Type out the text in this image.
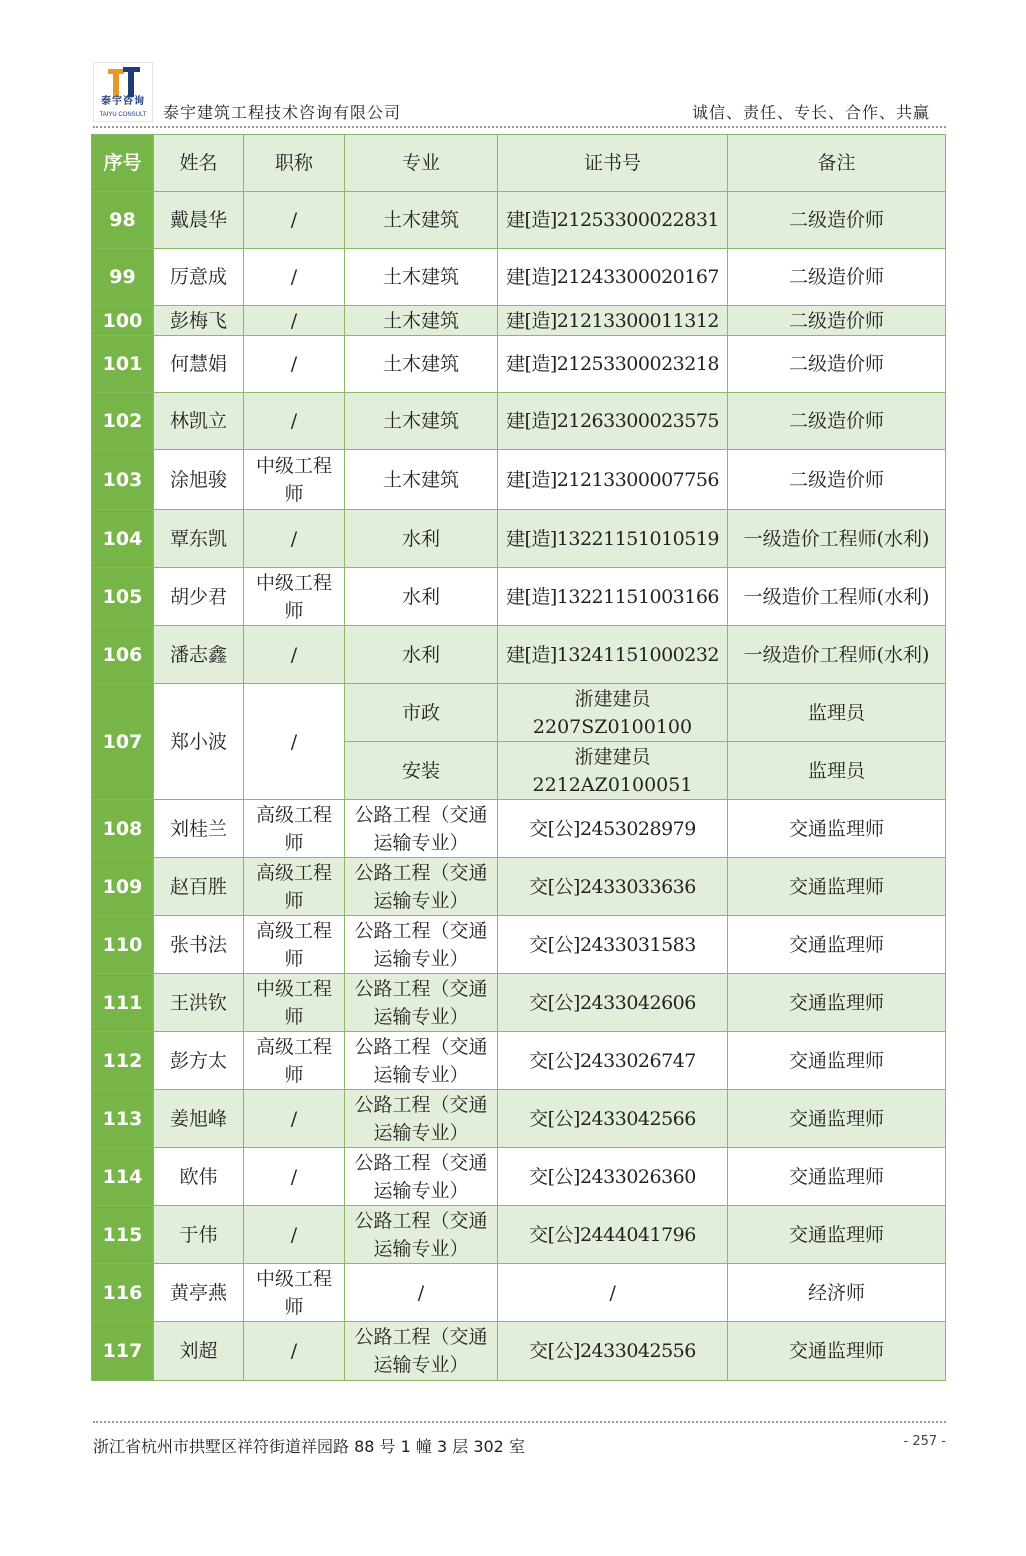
泰宇咨询
TAIYU CONSULT	泰宇建筑工程技术咨询有限公司	诚信、责任、专长、合作、共赢
序号	姓名	职称	专业	证书号	备注
98	戴晨华	/	土木建筑	建[造]21253300022831	二级造价师
99	厉意成	/	土木建筑	建[造]21243300020167	二级造价师
100	彭梅飞	/	土木建筑	建[造]21213300011312	二级造价师
101	何慧娟	/	土木建筑	建[造]21253300023218	二级造价师
102	林凯立	/	土木建筑	建[造]21263300023575	二级造价师
103	涂旭骏	中级工程师	土木建筑	建[造]21213300007756	二级造价师
104	覃东凯	/	水利	建[造]13221151010519	一级造价工程师(水利)
105	胡少君	中级工程师	水利	建[造]13221151003166	一级造价工程师(水利)
106	潘志鑫	/	水利	建[造]13241151000232	一级造价工程师(水利)
107	郑小波	/	市政	浙建建员2207SZ0100100	监理员
			安装	浙建建员2212AZ0100051	监理员
108	刘桂兰	高级工程师	公路工程（交通运输专业）	交[公]2453028979	交通监理师
109	赵百胜	高级工程师	公路工程（交通运输专业）	交[公]2433033636	交通监理师
110	张书法	高级工程师	公路工程（交通运输专业）	交[公]2433031583	交通监理师
111	王洪钦	中级工程师	公路工程（交通运输专业）	交[公]2433042606	交通监理师
112	彭方太	高级工程师	公路工程（交通运输专业）	交[公]2433026747	交通监理师
113	姜旭峰	/	公路工程（交通运输专业）	交[公]2433042566	交通监理师
114	欧伟	/	公路工程（交通运输专业）	交[公]2433026360	交通监理师
115	于伟	/	公路工程（交通运输专业）	交[公]2444041796	交通监理师
116	黄亭燕	中级工程师	/	/	经济师
117	刘超	/	公路工程（交通运输专业）	交[公]2433042556	交通监理师
浙江省杭州市拱墅区祥符街道祥园路 88 号 1 幢 3 层 302 室	- 257 -
